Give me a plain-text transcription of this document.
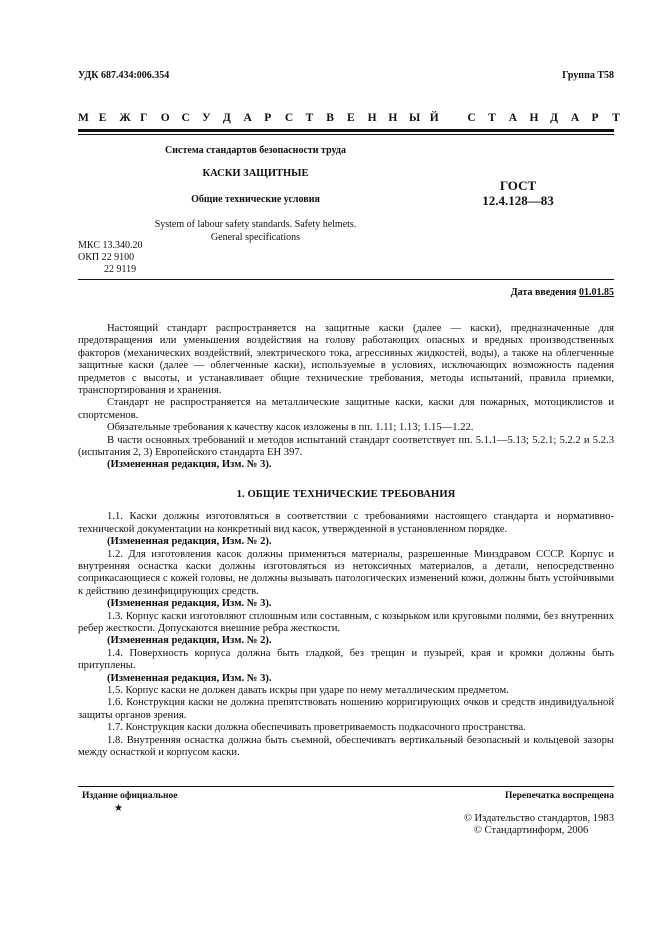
УДК 687.434:006.354	Группа Т58
М Е Ж Г О С У Д А Р С Т В Е Н Н Ы Й С Т А Н Д А Р Т
Система стандартов безопасности труда
КАСКИ ЗАЩИТНЫЕ
Общие технические условия
System of labour safety standards. Safety helmets.
General specifications
ГОСТ
12.4.128—83
МКС 13.340.20
ОКП 22 9100
22 9119
Дата введения 01.01.85

Настоящий стандарт распространяется на защитные каски (далее — каски), предназначенные для предотвращения или уменьшения воздействия на голову работающих опасных и вредных производственных факторов (механических воздействий, электрического тока, агрессивных жидкостей, воды), а также на облегченные защитные каски (далее — облегченные каски), используемые в условиях, исключающих возможность падения предметов с высоты, и устанавливает общие технические требования, методы испытаний, правила приемки, транспортирования и хранения.

Стандарт не распространяется на металлические защитные каски, каски для пожарных, мотоциклистов и спортсменов.

Обязательные требования к качеству касок изложены в пп. 1.11; 1.13; 1.15—1.22.

В части основных требований и методов испытаний стандарт соответствует пп. 5.1.1—5.13; 5.2.1; 5.2.2 и 5.2.3 (испытания 2, 3) Европейского стандарта ЕН 397.

(Измененная редакция, Изм. № 3).

1. ОБЩИЕ ТЕХНИЧЕСКИЕ ТРЕБОВАНИЯ

1.1. Каски должны изготовляться в соответствии с требованиями настоящего стандарта и нормативно-технической документации на конкретный вид касок, утвержденной в установленном порядке.

(Измененная редакция, Изм. № 2).

1.2. Для изготовления касок должны применяться материалы, разрешенные Минздравом СССР. Корпус и внутренняя оснастка каски должны изготовляться из нетоксичных материалов, а детали, непосредственно соприкасающиеся с кожей головы, не должны вызывать патологических изменений кожи, должны быть устойчивыми к действию дезинфицирующих средств.

(Измененная редакция, Изм. № 3).

1.3. Корпус каски изготовляют сплошным или составным, с козырьком или круговыми полями, без внутренних ребер жесткости. Допускаются внешние ребра жесткости.

(Измененная редакция, Изм. № 2).

1.4. Поверхность корпуса должна быть гладкой, без трещин и пузырей, края и кромки должны быть притуплены.

(Измененная редакция, Изм. № 3).

1.5. Корпус каски не должен давать искры при ударе по нему металлическим предметом.

1.6. Конструкция каски не должна препятствовать ношению корригирующих очков и средств индивидуальной защиты органов зрения.

1.7. Конструкция каски должна обеспечивать проветриваемость подкасочного пространства.

1.8. Внутренняя оснастка должна быть съемной, обеспечивать вертикальный безопасный и кольцевой зазоры между оснасткой и корпусом каски.

Издание официальное	Перепечатка воспрещена
★
© Издательство стандартов, 1983
© Стандартинформ, 2006
